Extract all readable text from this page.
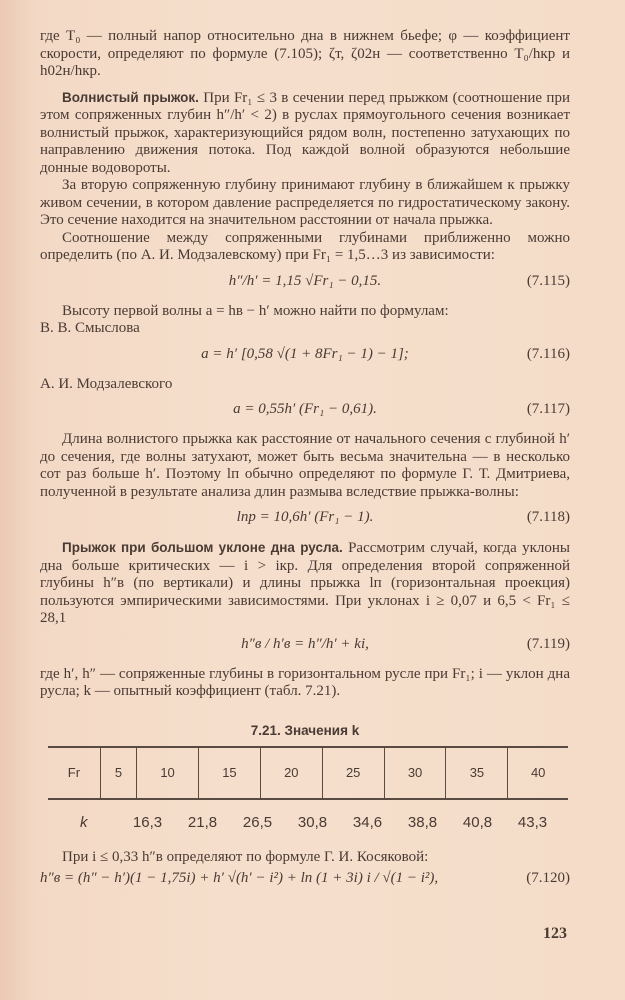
где T₀ — полный напор относительно дна в нижнем бьефе; φ — коэффициент скорости, определяют по формуле (7.105); ζт, ζ02н — соответственно T₀/hкр и h02н/hкр.

Волнистый прыжок. При Fr₁ ≤ 3 в сечении перед прыжком (соотношение при этом сопряженных глубин h″/h′ < 2) в руслах прямоугольного сечения возникает волнистый прыжок, характеризующийся рядом волн, постепенно затухающих по направлению движения потока. Под каждой волной образуются небольшие донные водовороты.

За вторую сопряженную глубину принимают глубину в ближайшем к прыжку живом сечении, в котором давление распределяется по гидростатическому закону. Это сечение находится на значительном расстоянии от начала прыжка.

Соотношение между сопряженными глубинами приближенно можно определить (по А. И. Модзалевскому) при Fr₁ = 1,5…3 из зависимости:

h″/h′ = 1,15 √Fr₁ − 0,15.	(7.115)

Высоту первой волны a = hв − h′ можно найти по формулам:

В. В. Смыслова

a = h′ [0,58 √(1 + 8Fr₁ − 1) − 1];	(7.116)

А. И. Модзалевского

a = 0,55h′ (Fr₁ − 0,61).	(7.117)

Длина волнистого прыжка как расстояние от начального сечения с глубиной h′ до сечения, где волны затухают, может быть весьма значительна — в несколько сот раз больше h′. Поэтому lп обычно определяют по формуле Г. Т. Дмитриева, полученной в результате анализа длин размыва вследствие прыжка-волны:

lпр = 10,6h′ (Fr₁ − 1).	(7.118)

Прыжок при большом уклоне дна русла. Рассмотрим случай, когда уклоны дна больше критических — i > iкр. Для определения второй сопряженной глубины h″в (по вертикали) и длины прыжка lп (горизонтальная проекция) пользуются эмпирическими зависимостями. При уклонах i ≥ 0,07 и 6,5 < Fr₁ ≤ 28,1

h″в / h′в = h″/h′ + ki,	(7.119)

где h′, h″ — сопряженные глубины в горизонтальном русле при Fr₁; i — уклон дна русла; k — опытный коэффициент (табл. 7.21).

7.21. Значения k
Fr	5	10	15	20	25	30	35	40
k	16,3	21,8	26,5	30,8	34,6	38,8	40,8	43,3

При i ≤ 0,33 h″в определяют по формуле Г. И. Косяковой:

h″в = (h″ − h′)(1 − 1,75i) + h′ √(h′ − i²) + lп (1 + 3i) i / √(1 − i²),	(7.120)
123
